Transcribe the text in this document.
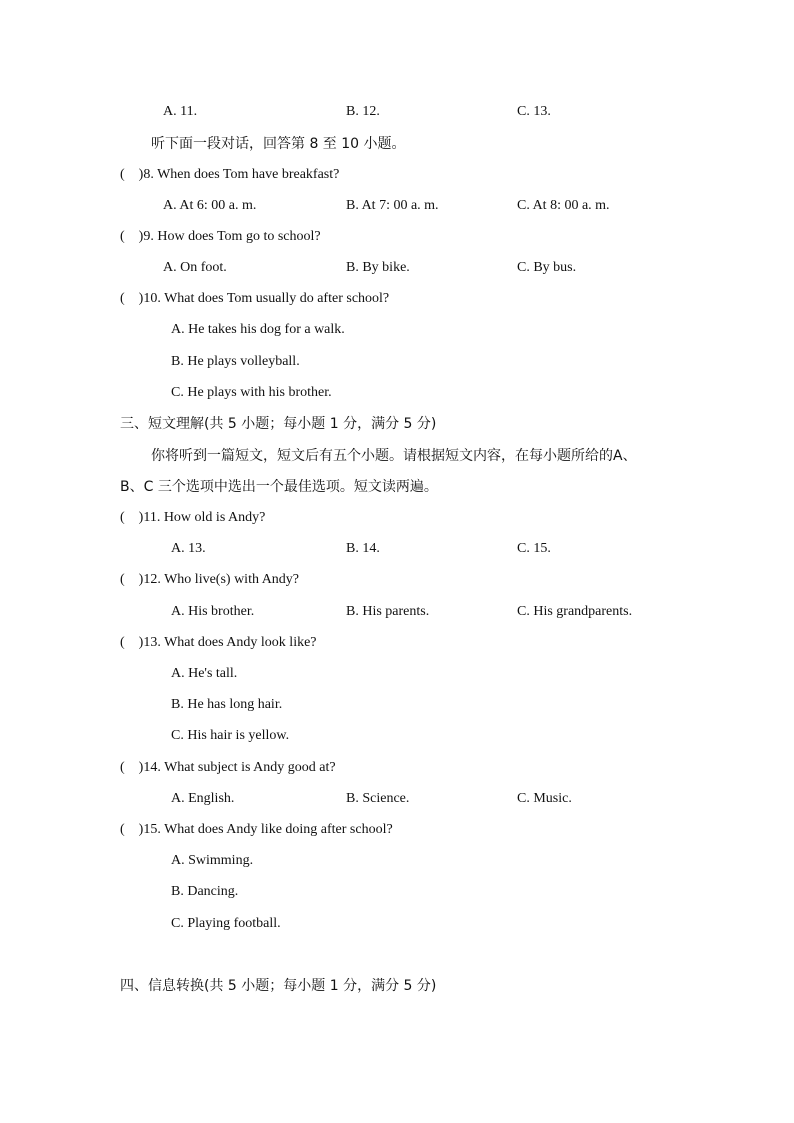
A. 11.	B. 12.	C. 13.
听下面一段对话，回答第 8 至 10 小题。
( )8. When does Tom have breakfast?
A. At 6: 00 a. m.	B. At 7: 00 a. m.	C. At 8: 00 a. m.
( )9. How does Tom go to school?
A. On foot.	B. By bike.	C. By bus.
( )10. What does Tom usually do after school?
A. He takes his dog for a walk.
B. He plays volleyball.
C. He plays with his brother.
三、短文理解(共 5 小题；每小题 1 分，满分 5 分)
你将听到一篇短文，短文后有五个小题。请根据短文内容，在每小题所给的A、
B、C 三个选项中选出一个最佳选项。短文读两遍。
( )11. How old is Andy?
A. 13.	B. 14.	C. 15.
( )12. Who live(s) with Andy?
A. His brother.	B. His parents.	C. His grandparents.
( )13. What does Andy look like?
A. He's tall.
B. He has long hair.
C. His hair is yellow.
( )14. What subject is Andy good at?
A. English.	B. Science.	C. Music.
( )15. What does Andy like doing after school?
A. Swimming.
B. Dancing.
C. Playing football.
四、信息转换(共 5 小题；每小题 1 分，满分 5 分)
